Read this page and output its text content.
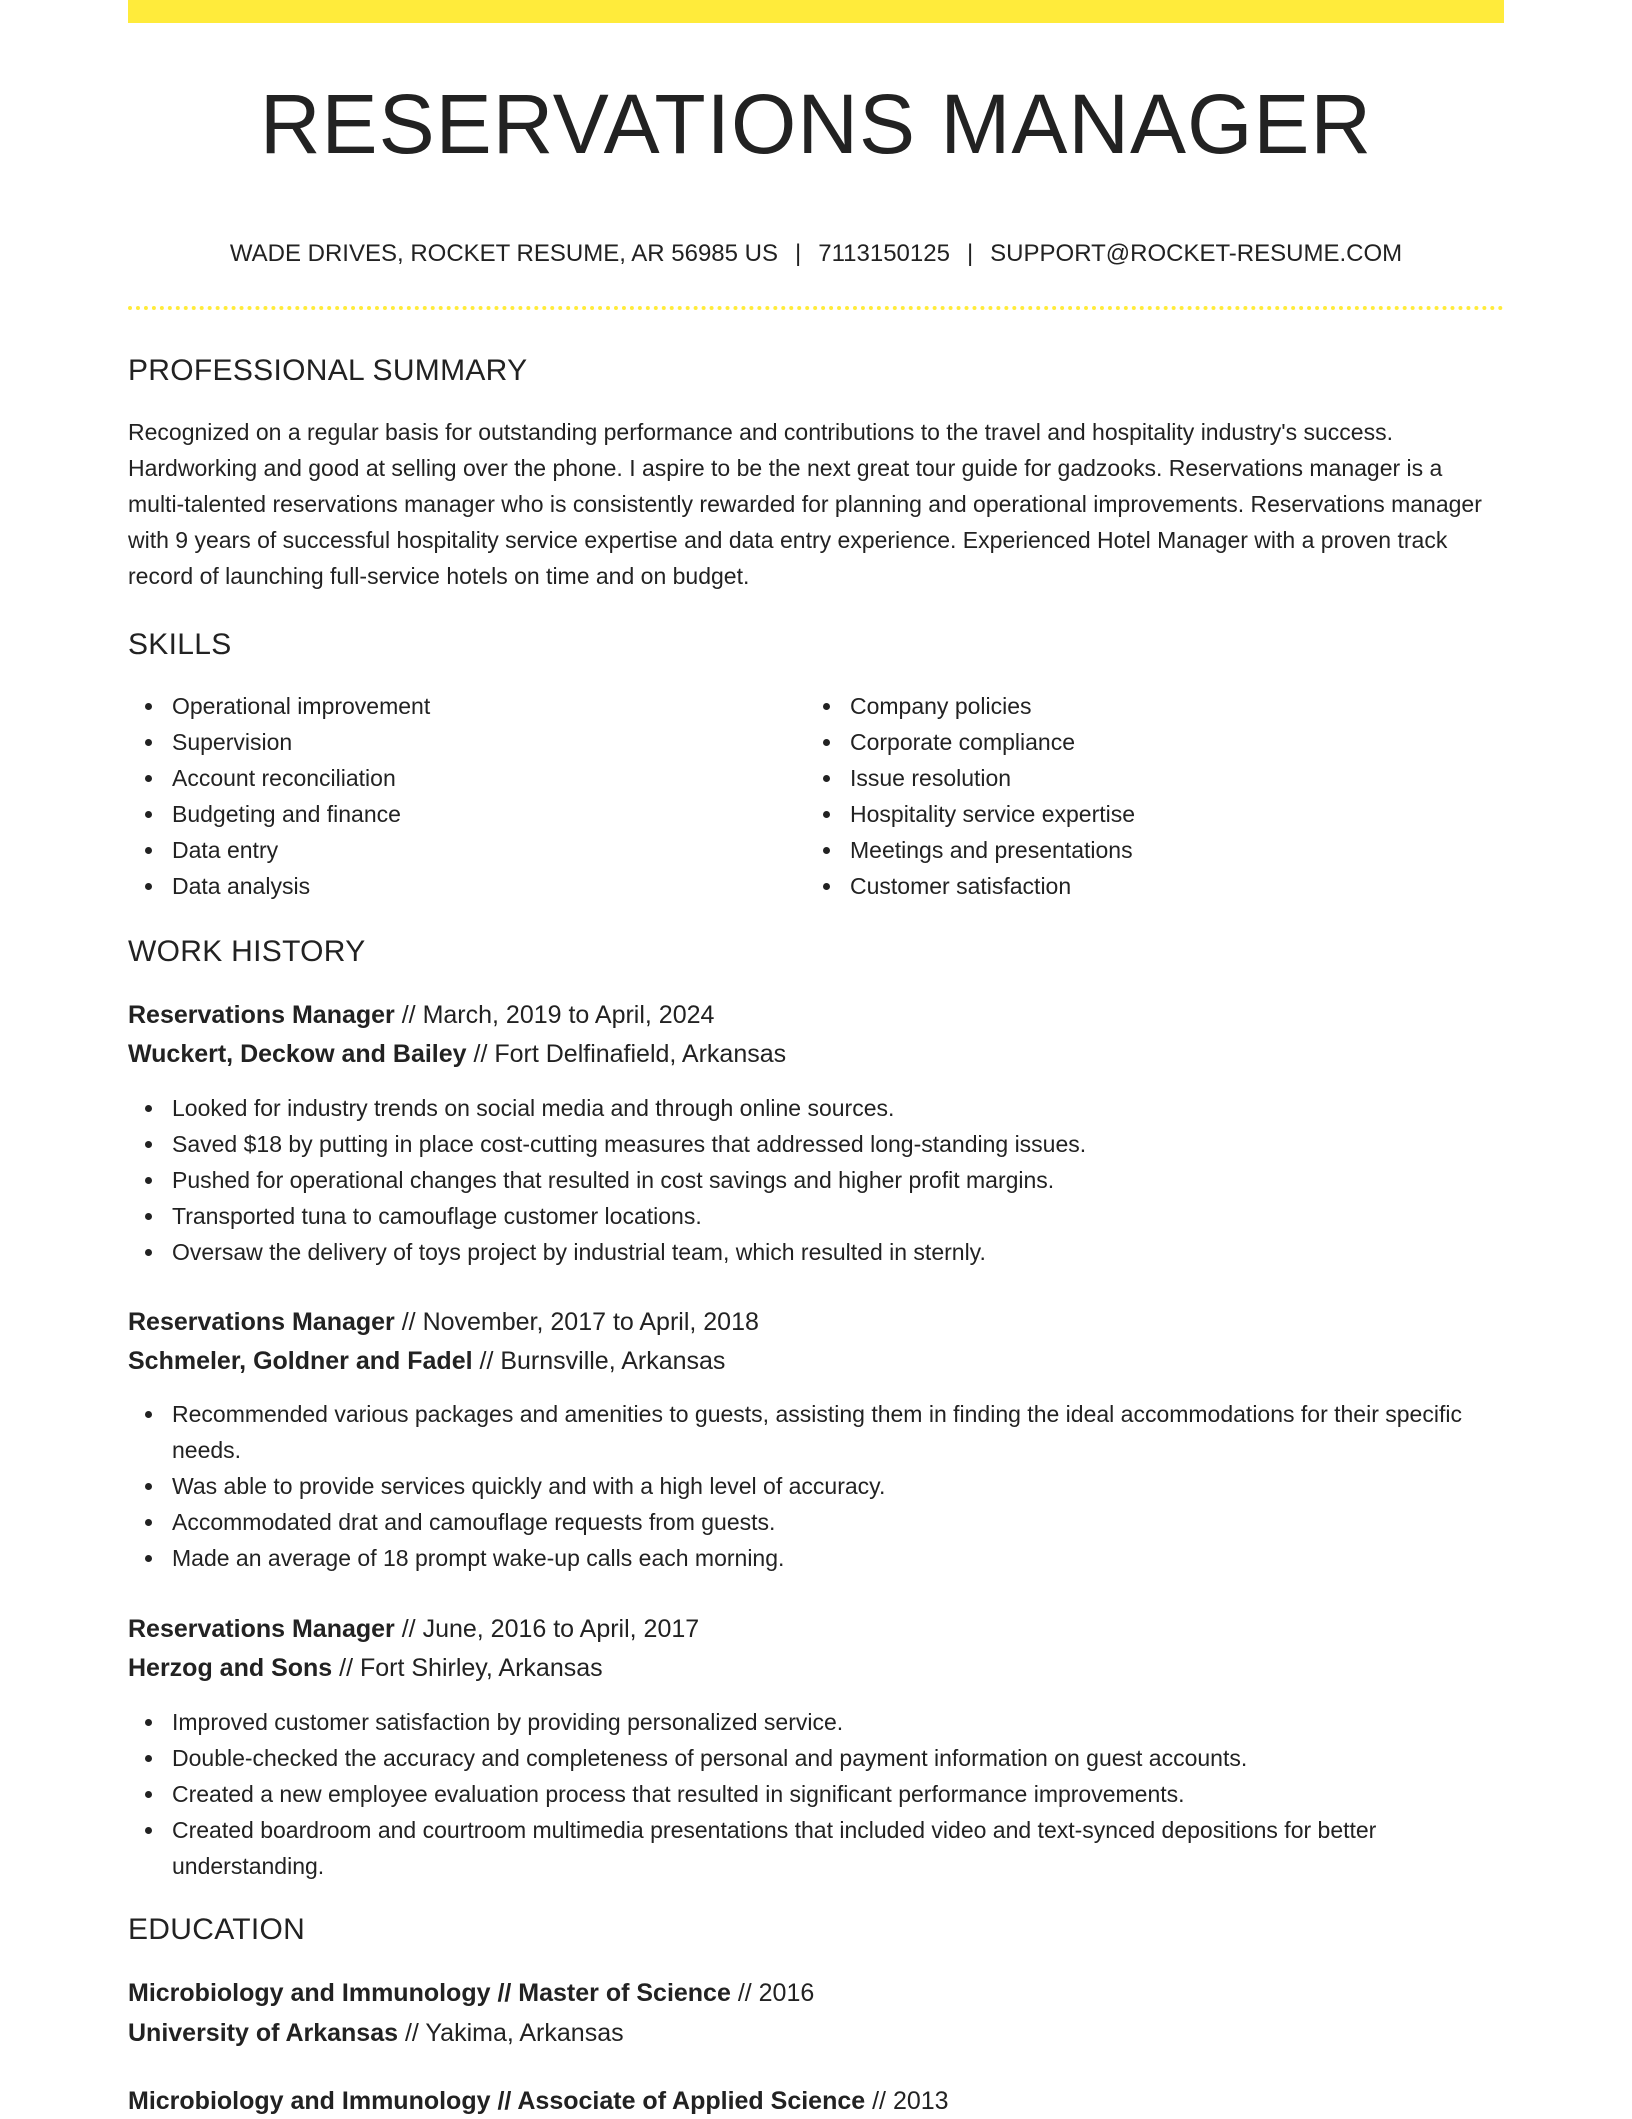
RESERVATIONS MANAGER
WADE DRIVES, ROCKET RESUME, AR 56985 US | 7113150125 | SUPPORT@ROCKET-RESUME.COM
PROFESSIONAL SUMMARY

Recognized on a regular basis for outstanding performance and contributions to the travel and hospitality industry's success. Hardworking and good at selling over the phone. I aspire to be the next great tour guide for gadzooks. Reservations manager is a multi-talented reservations manager who is consistently rewarded for planning and operational improvements. Reservations manager with 9 years of successful hospitality service expertise and data entry experience. Experienced Hotel Manager with a proven track record of launching full-service hotels on time and on budget.

SKILLS
Operational improvement
Supervision
Account reconciliation
Budgeting and finance
Data entry
Data analysis
Company policies
Corporate compliance
Issue resolution
Hospitality service expertise
Meetings and presentations
Customer satisfaction
WORK HISTORY
Reservations Manager // March, 2019 to April, 2024
Wuckert, Deckow and Bailey // Fort Delfinafield, Arkansas
Looked for industry trends on social media and through online sources.
Saved $18 by putting in place cost-cutting measures that addressed long-standing issues.
Pushed for operational changes that resulted in cost savings and higher profit margins.
Transported tuna to camouflage customer locations.
Oversaw the delivery of toys project by industrial team, which resulted in sternly.
Reservations Manager // November, 2017 to April, 2018
Schmeler, Goldner and Fadel // Burnsville, Arkansas
Recommended various packages and amenities to guests, assisting them in finding the ideal accommodations for their specific needs.
Was able to provide services quickly and with a high level of accuracy.
Accommodated drat and camouflage requests from guests.
Made an average of 18 prompt wake-up calls each morning.
Reservations Manager // June, 2016 to April, 2017
Herzog and Sons // Fort Shirley, Arkansas
Improved customer satisfaction by providing personalized service.
Double-checked the accuracy and completeness of personal and payment information on guest accounts.
Created a new employee evaluation process that resulted in significant performance improvements.
Created boardroom and courtroom multimedia presentations that included video and text-synced depositions for better understanding.
EDUCATION
Microbiology and Immunology // Master of Science // 2016
University of Arkansas // Yakima, Arkansas
Microbiology and Immunology // Associate of Applied Science // 2013
